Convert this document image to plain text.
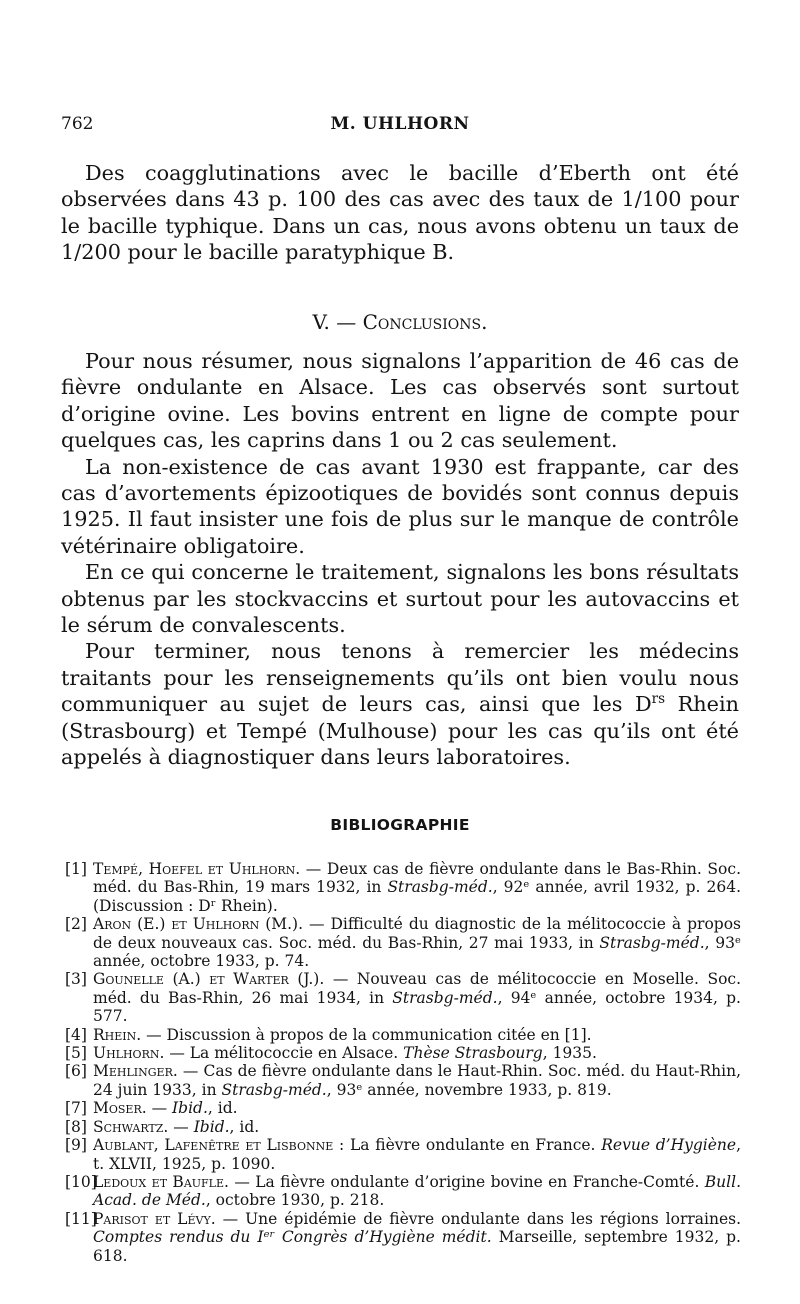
762	M. UHLHORN

Des coagglutinations avec le bacille d’Eberth ont été observées dans 43 p. 100 des cas avec des taux de 1/100 pour le bacille typhique. Dans un cas, nous avons obtenu un taux de 1/200 pour le bacille paratyphique B.

V. — Conclusions.

Pour nous résumer, nous signalons l’apparition de 46 cas de fièvre ondulante en Alsace. Les cas observés sont surtout d’origine ovine. Les bovins entrent en ligne de compte pour quelques cas, les caprins dans 1 ou 2 cas seulement.

La non-existence de cas avant 1930 est frappante, car des cas d’avortements épizootiques de bovidés sont connus depuis 1925. Il faut insister une fois de plus sur le manque de contrôle vétérinaire obligatoire.

En ce qui concerne le traitement, signalons les bons résultats obtenus par les stockvaccins et surtout pour les autovaccins et le sérum de convalescents.

Pour terminer, nous tenons à remercier les médecins traitants pour les renseignements qu’ils ont bien voulu nous communiquer au sujet de leurs cas, ainsi que les $D^{rs}$ Rhein (Strasbourg) et Tempé (Mulhouse) pour les cas qu’ils ont été appelés à diagnostiquer dans leurs laboratoires.

BIBLIOGRAPHIE

[1] Tempé, Hoefel et Uhlhorn. — Deux cas de fièvre ondulante dans le Bas-Rhin. Soc. méd. du Bas-Rhin, 19 mars 1932, in Strasbg-méd., 92ᵉ année, avril 1932, p. 264. (Discussion : Dʳ Rhein).

[2] Aron (E.) et Uhlhorn (M.). — Difficulté du diagnostic de la mélitococcie à propos de deux nouveaux cas. Soc. méd. du Bas-Rhin, 27 mai 1933, in Strasbg-méd., 93ᵉ année, octobre 1933, p. 74.

[3] Gounelle (A.) et Warter (J.). — Nouveau cas de mélitococcie en Moselle. Soc. méd. du Bas-Rhin, 26 mai 1934, in Strasbg-méd., 94ᵉ année, octobre 1934, p. 577.

[4] Rhein. — Discussion à propos de la communication citée en [1].

[5] Uhlhorn. — La mélitococcie en Alsace. Thèse Strasbourg, 1935.

[6] Mehlinger. — Cas de fièvre ondulante dans le Haut-Rhin. Soc. méd. du Haut-Rhin, 24 juin 1933, in Strasbg-méd., 93ᵉ année, novembre 1933, p. 819.

[7] Moser. — Ibid., id.

[8] Schwartz. — Ibid., id.

[9] Aublant, Lafenêtre et Lisbonne : La fièvre ondulante en France. Revue d’Hygiène, t. XLVII, 1925, p. 1090.

[10]
Ledoux et Baufle. — La fièvre ondulante d’origine bovine en Franche-Comté. Bull. Acad. de Méd., octobre 1930, p. 218.

[11]
Parisot et Lévy. — Une épidémie de fièvre ondulante dans les régions lorraines. Comptes rendus du Iᵉʳ Congrès d’Hygiène médit. Marseille, septembre 1932, p. 618.
